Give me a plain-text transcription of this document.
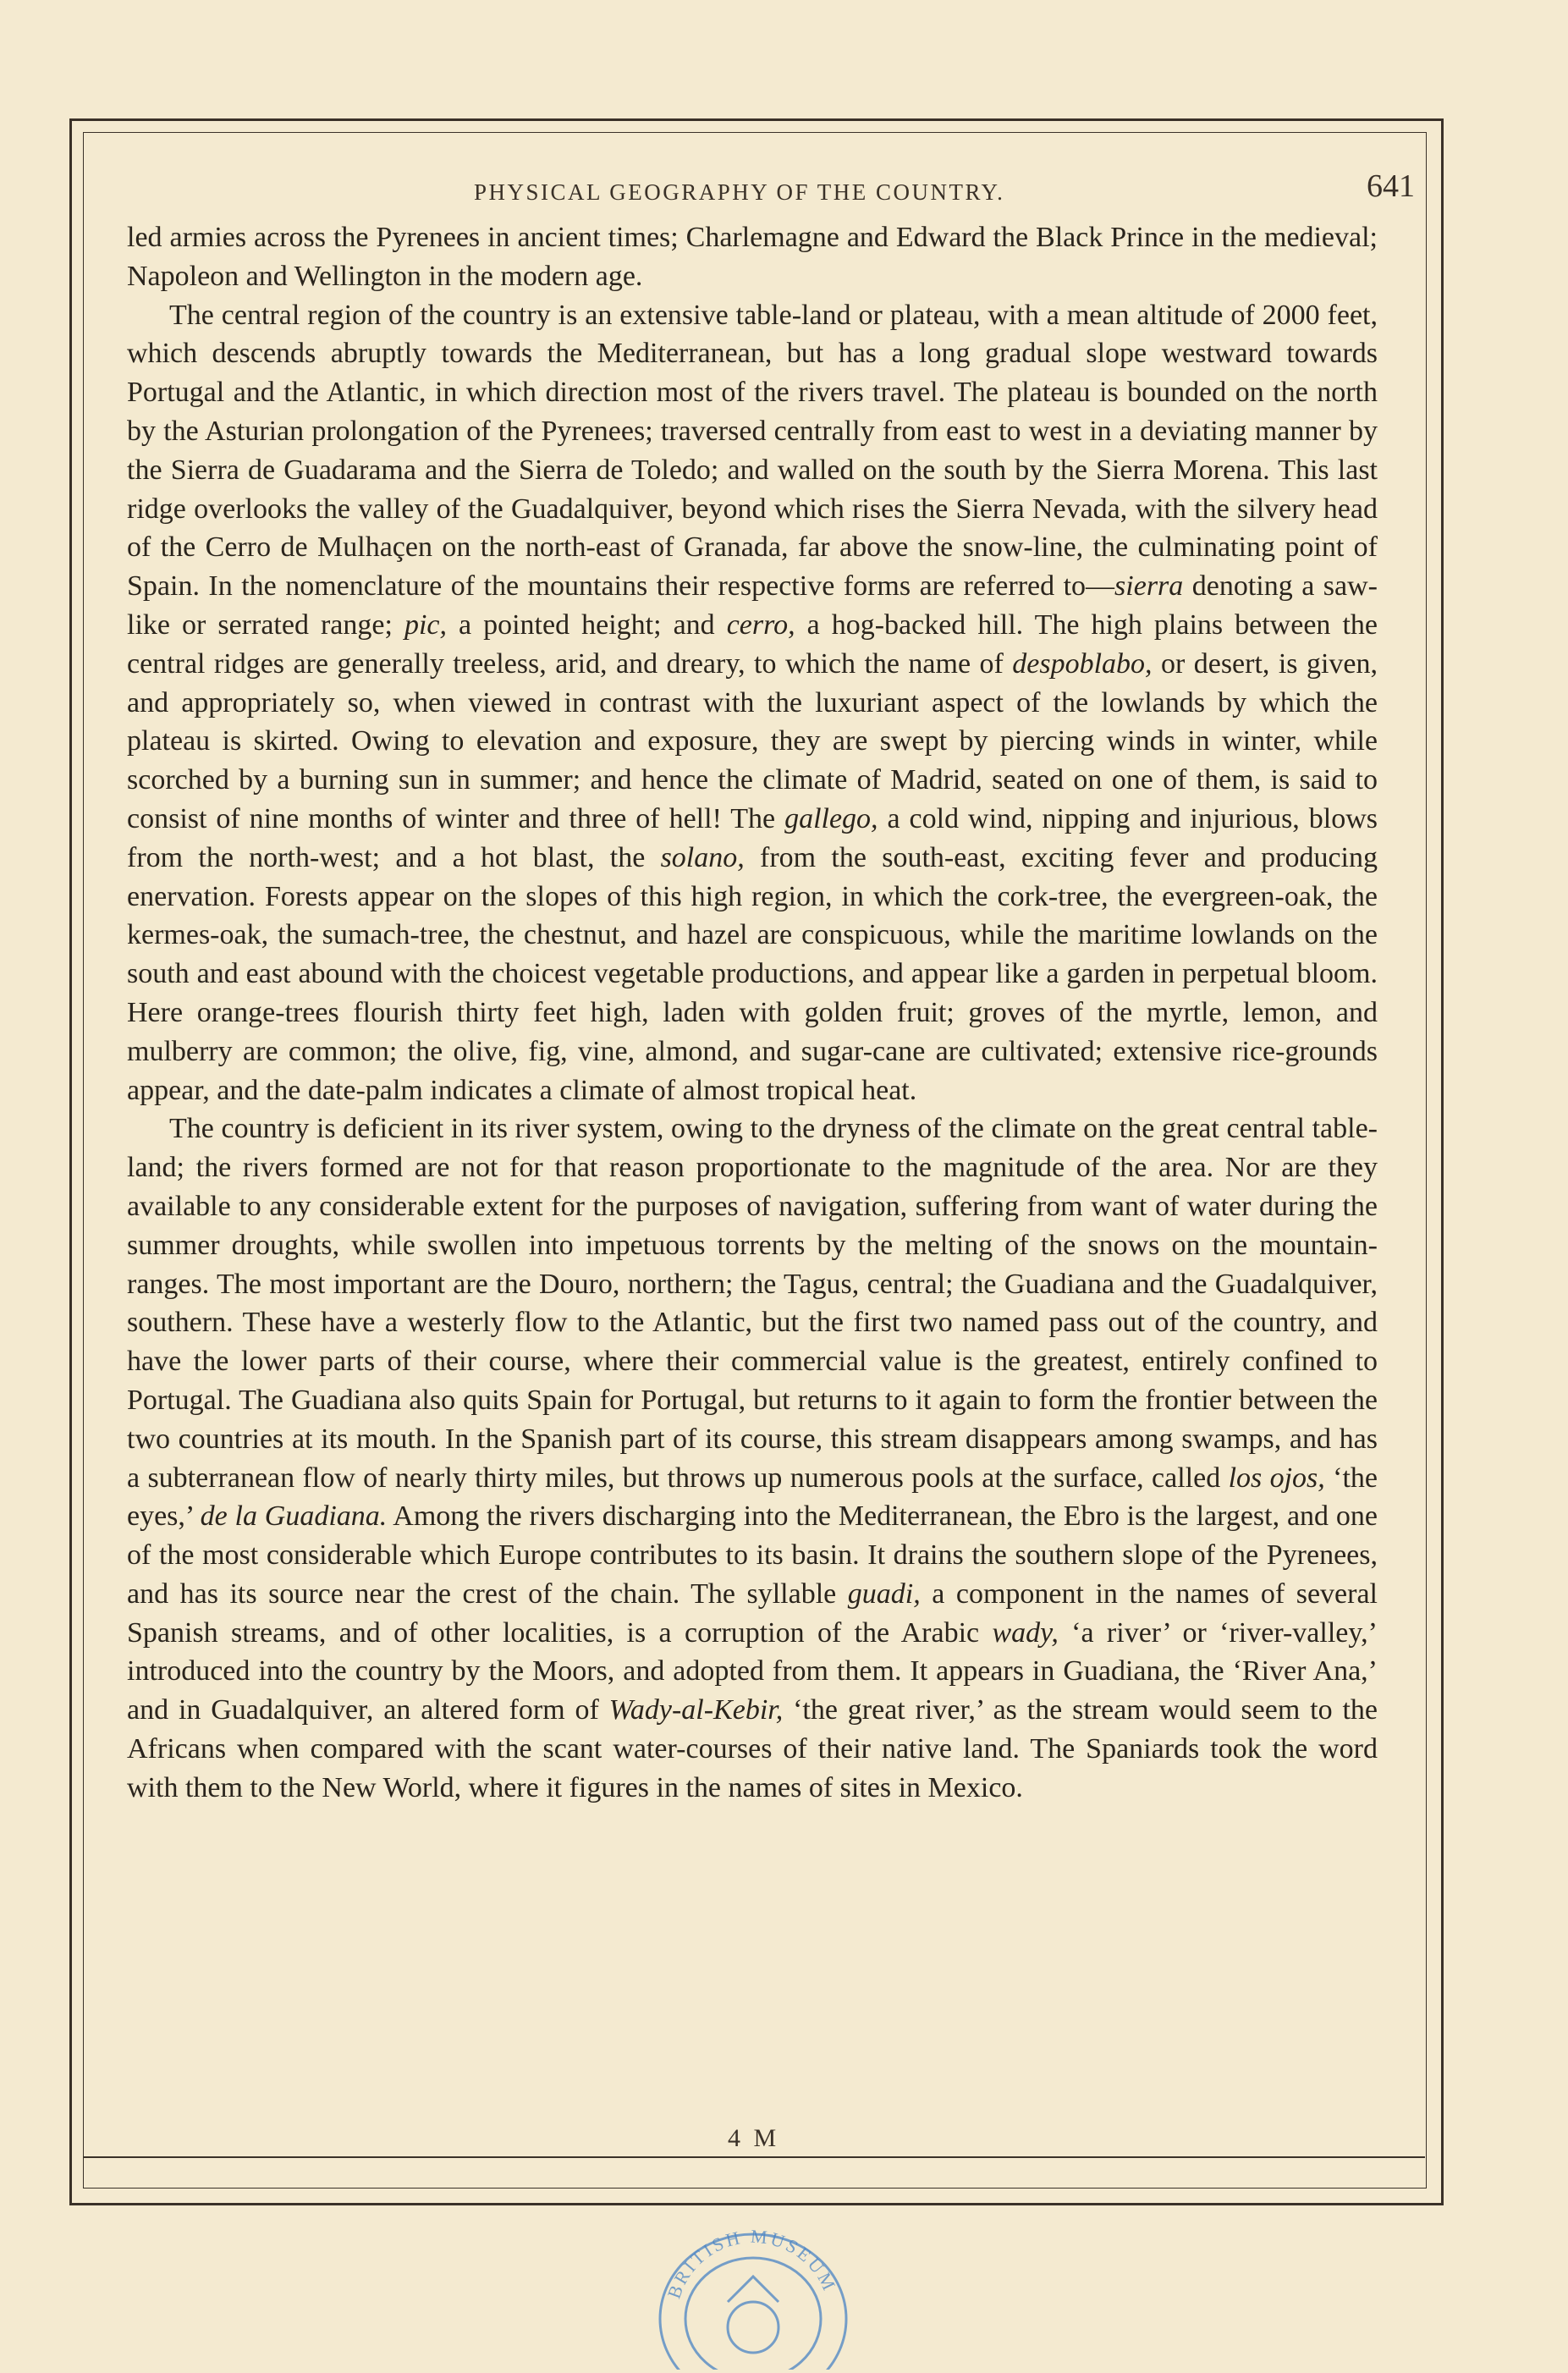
PHYSICAL GEOGRAPHY OF THE COUNTRY.	641

led armies across the Pyrenees in ancient times; Charlemagne and Edward the Black Prince in the medieval; Napoleon and Wellington in the modern age.

The central region of the country is an extensive table-land or plateau, with a mean altitude of 2000 feet, which descends abruptly towards the Mediterranean, but has a long gradual slope westward towards Portugal and the Atlantic, in which direction most of the rivers travel. The plateau is bounded on the north by the Asturian prolongation of the Pyrenees; traversed centrally from east to west in a deviating manner by the Sierra de Guadarama and the Sierra de Toledo; and walled on the south by the Sierra Morena. This last ridge overlooks the valley of the Guadalquiver, beyond which rises the Sierra Nevada, with the silvery head of the Cerro de Mulhaçen on the north-east of Granada, far above the snow-line, the culminating point of Spain. In the nomenclature of the mountains their respective forms are referred to—sierra denoting a saw-like or serrated range; pic, a pointed height; and cerro, a hog-backed hill. The high plains between the central ridges are generally treeless, arid, and dreary, to which the name of despoblabo, or desert, is given, and appropriately so, when viewed in contrast with the luxuriant aspect of the lowlands by which the plateau is skirted. Owing to elevation and exposure, they are swept by piercing winds in winter, while scorched by a burning sun in summer; and hence the climate of Madrid, seated on one of them, is said to consist of nine months of winter and three of hell! The gallego, a cold wind, nipping and injurious, blows from the north-west; and a hot blast, the solano, from the south-east, exciting fever and producing enervation. Forests appear on the slopes of this high region, in which the cork-tree, the evergreen-oak, the kermes-oak, the sumach-tree, the chestnut, and hazel are conspicuous, while the maritime lowlands on the south and east abound with the choicest vegetable productions, and appear like a garden in perpetual bloom. Here orange-trees flourish thirty feet high, laden with golden fruit; groves of the myrtle, lemon, and mulberry are common; the olive, fig, vine, almond, and sugar-cane are cultivated; extensive rice-grounds appear, and the date-palm indicates a climate of almost tropical heat.

The country is deficient in its river system, owing to the dryness of the climate on the great central table-land; the rivers formed are not for that reason proportionate to the magnitude of the area. Nor are they available to any considerable extent for the purposes of navigation, suffering from want of water during the summer droughts, while swollen into impetuous torrents by the melting of the snows on the mountain-ranges. The most important are the Douro, northern; the Tagus, central; the Guadiana and the Guadalquiver, southern. These have a westerly flow to the Atlantic, but the first two named pass out of the country, and have the lower parts of their course, where their commercial value is the greatest, entirely confined to Portugal. The Guadiana also quits Spain for Portugal, but returns to it again to form the frontier between the two countries at its mouth. In the Spanish part of its course, this stream disappears among swamps, and has a subterranean flow of nearly thirty miles, but throws up numerous pools at the surface, called los ojos, ‘the eyes,’ de la Guadiana. Among the rivers discharging into the Mediterranean, the Ebro is the largest, and one of the most considerable which Europe contributes to its basin. It drains the southern slope of the Pyrenees, and has its source near the crest of the chain. The syllable guadi, a component in the names of several Spanish streams, and of other localities, is a corruption of the Arabic wady, ‘a river’ or ‘river-valley,’ introduced into the country by the Moors, and adopted from them. It appears in Guadiana, the ‘River Ana,’ and in Guadalquiver, an altered form of Wady-al-Kebir, ‘the great river,’ as the stream would seem to the Africans when compared with the scant water-courses of their native land. The Spaniards took the word with them to the New World, where it figures in the names of sites in Mexico.

4 M
BRITISH MUSEUM
